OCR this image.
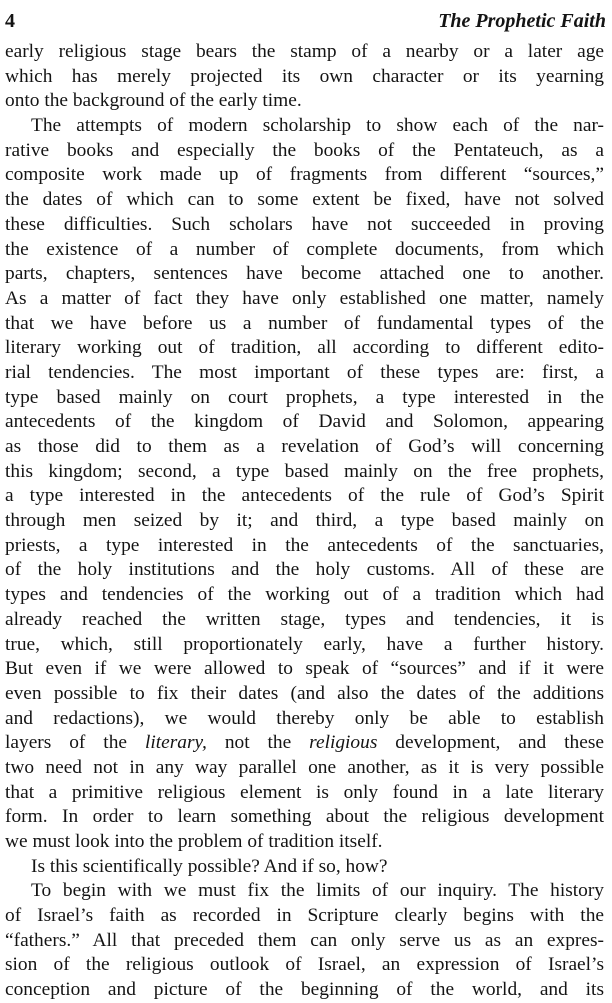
4	The Prophetic Faith
early religious stage bears the stamp of a nearby or a later age
which has merely projected its own character or its yearning
onto the background of the early time.
The attempts of modern scholarship to show each of the nar-
rative books and especially the books of the Pentateuch, as a
composite work made up of fragments from different “sources,”
the dates of which can to some extent be fixed, have not solved
these difficulties. Such scholars have not succeeded in proving
the existence of a number of complete documents, from which
parts, chapters, sentences have become attached one to another.
As a matter of fact they have only established one matter, namely
that we have before us a number of fundamental types of the
literary working out of tradition, all according to different edito-
rial tendencies. The most important of these types are: first, a
type based mainly on court prophets, a type interested in the
antecedents of the kingdom of David and Solomon, appearing
as those did to them as a revelation of God’s will concerning
this kingdom; second, a type based mainly on the free prophets,
a type interested in the antecedents of the rule of God’s Spirit
through men seized by it; and third, a type based mainly on
priests, a type interested in the antecedents of the sanctuaries,
of the holy institutions and the holy customs. All of these are
types and tendencies of the working out of a tradition which had
already reached the written stage, types and tendencies, it is
true, which, still proportionately early, have a further history.
But even if we were allowed to speak of “sources” and if it were
even possible to fix their dates (and also the dates of the additions
and redactions), we would thereby only be able to establish
layers of the literary, not the religious development, and these
two need not in any way parallel one another, as it is very possible
that a primitive religious element is only found in a late literary
form. In order to learn something about the religious development
we must look into the problem of tradition itself.
Is this scientifically possible? And if so, how?
To begin with we must fix the limits of our inquiry. The history
of Israel’s faith as recorded in Scripture clearly begins with the
“fathers.” All that preceded them can only serve us as an expres-
sion of the religious outlook of Israel, an expression of Israel’s
conception and picture of the beginning of the world, and its
